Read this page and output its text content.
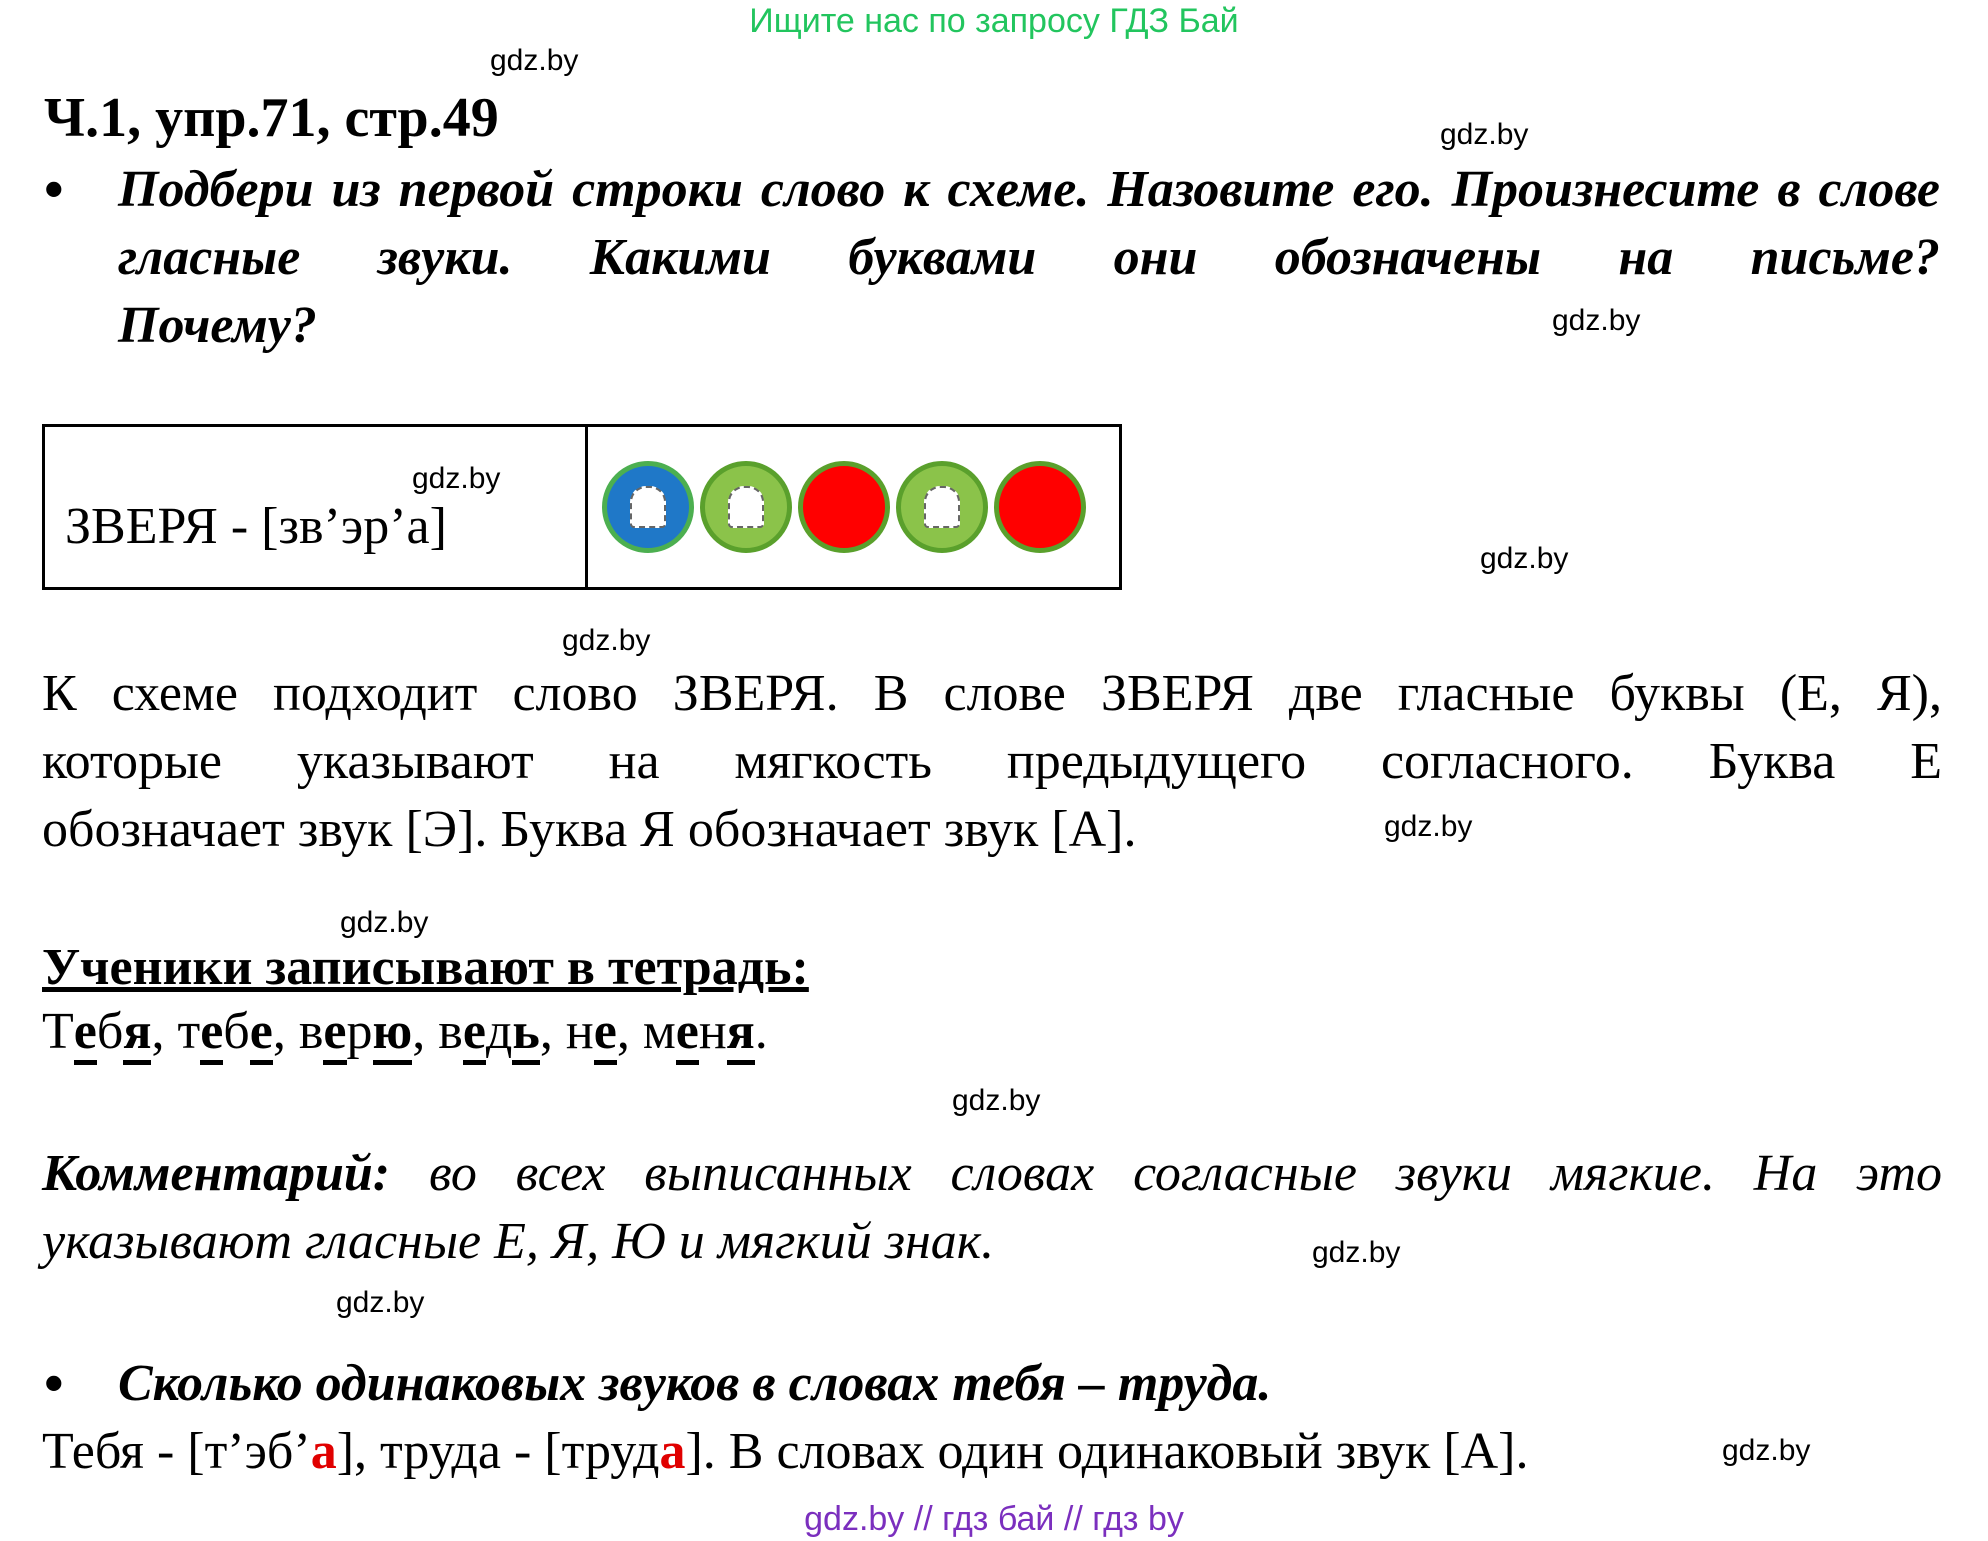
Ищите нас по запросу ГДЗ Бай
gdz.by
gdz.by
gdz.by
gdz.by
gdz.by
gdz.by
gdz.by
gdz.by
gdz.by
gdz.by
gdz.by
gdz.by
Ч.1, упр.71, стр.49
• Подбери из первой строки слово к схеме. Назовите его. Произнесите в слове гласные звуки. Какими буквами они обозначены на письме?
Почему?
ЗВЕРЯ - [зв’эр’а]
К схеме подходит слово ЗВЕРЯ. В слове ЗВЕРЯ две гласные буквы (Е, Я),
которые указывают на мягкость предыдущего согласного. Буква Е
обозначает звук [Э]. Буква Я обозначает звук [А].
Ученики записывают в тетрадь:
Тебя, тебе, верю, ведь, не, меня.
Комментарий: во всех выписанных словах согласные звуки мягкие. На это
указывают гласные Е, Я, Ю и мягкий знак.
• Сколько одинаковых звуков в словах тебя – труда.
Тебя - [т’эб’а], труда - [труда]. В словах один одинаковый звук [А].
gdz.by // гдз бай // гдз by
